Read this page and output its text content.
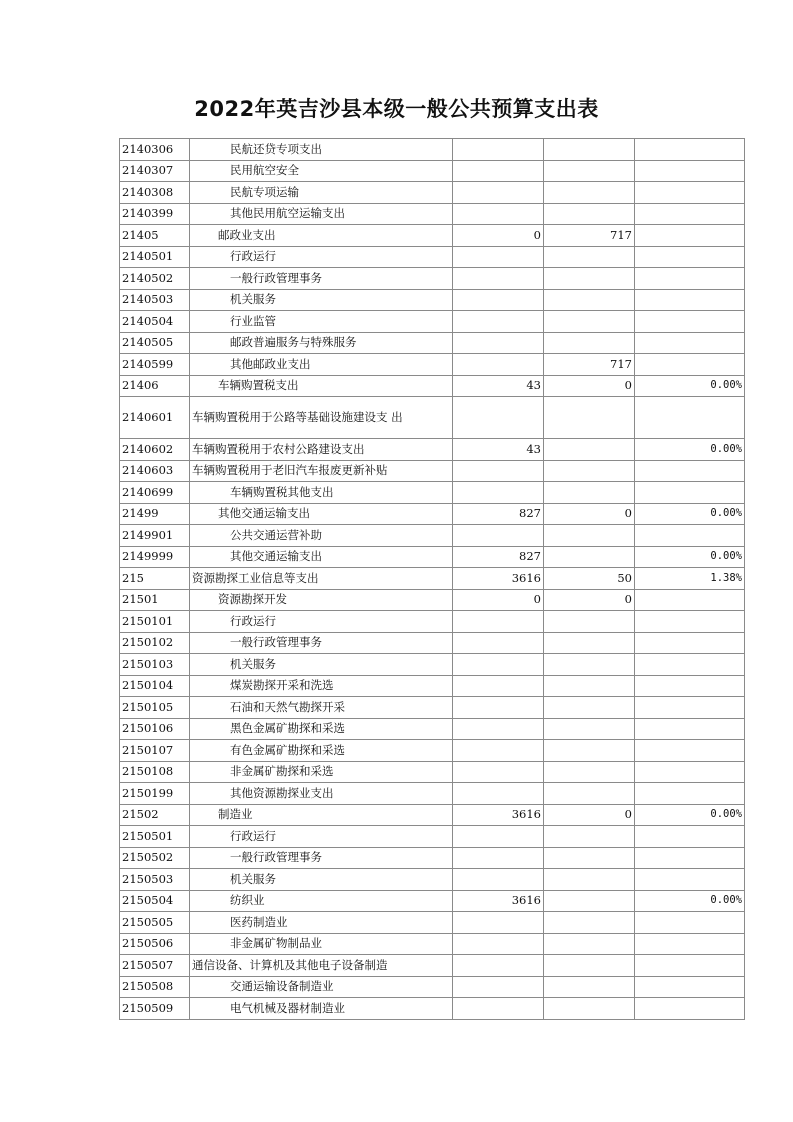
2022年英吉沙县本级一般公共预算支出表
2140306	民航还贷专项支出			
2140307	民用航空安全			
2140308	民航专项运输			
2140399	其他民用航空运输支出			
21405	邮政业支出	0	717	
2140501	行政运行			
2140502	一般行政管理事务			
2140503	机关服务			
2140504	行业监管			
2140505	邮政普遍服务与特殊服务			
2140599	其他邮政业支出		717	
21406	车辆购置税支出	43	0	0.00%
2140601	车辆购置税用于公路等基础设施建设支 出			
2140602	车辆购置税用于农村公路建设支出	43		0.00%
2140603	车辆购置税用于老旧汽车报废更新补贴			
2140699	车辆购置税其他支出			
21499	其他交通运输支出	827	0	0.00%
2149901	公共交通运营补助			
2149999	其他交通运输支出	827		0.00%
215	资源勘探工业信息等支出	3616	50	1.38%
21501	资源勘探开发	0	0	
2150101	行政运行			
2150102	一般行政管理事务			
2150103	机关服务			
2150104	煤炭勘探开采和洗选			
2150105	石油和天然气勘探开采			
2150106	黑色金属矿勘探和采选			
2150107	有色金属矿勘探和采选			
2150108	非金属矿勘探和采选			
2150199	其他资源勘探业支出			
21502	制造业	3616	0	0.00%
2150501	行政运行			
2150502	一般行政管理事务			
2150503	机关服务			
2150504	纺织业	3616		0.00%
2150505	医药制造业			
2150506	非金属矿物制品业			
2150507	通信设备、计算机及其他电子设备制造			
2150508	交通运输设备制造业			
2150509	电气机械及器材制造业			
